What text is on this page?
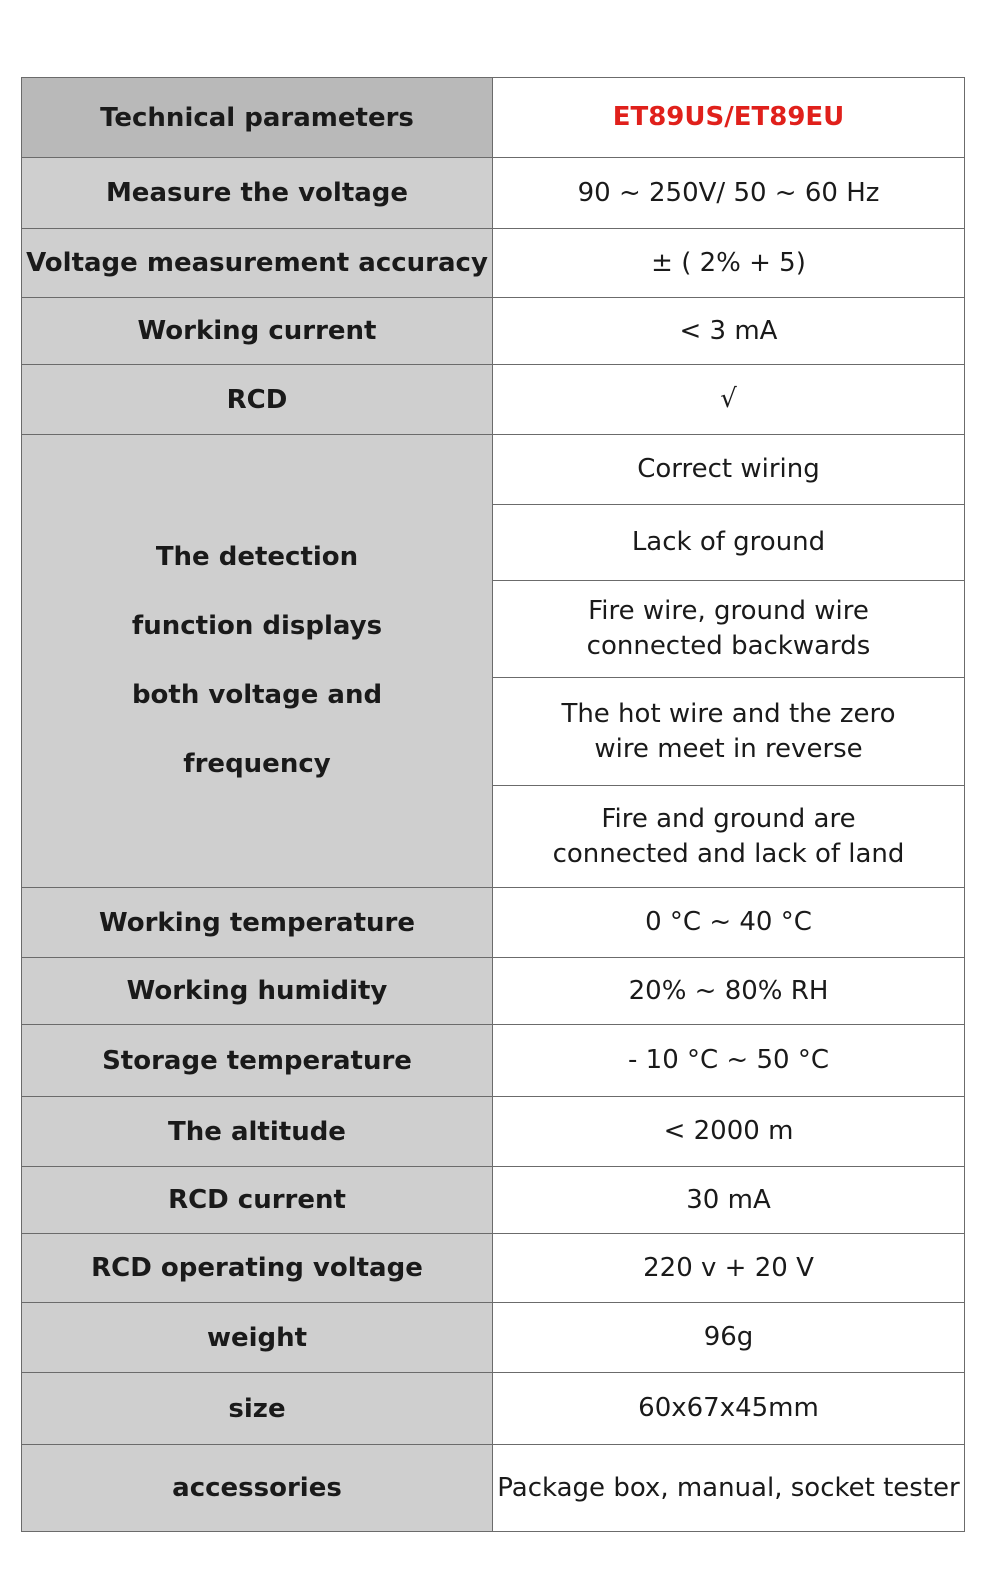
Technical parameters	ET89US/ET89EU
Measure the voltage	90 ~ 250V/ 50 ~ 60 Hz
Voltage measurement accuracy	± ( 2% + 5)
Working current	< 3 mA
RCD	√

The detection
function displays
both voltage and
frequency	Correct wiring

	Lack of ground

	Fire wire, ground wire
connected backwards

	The hot wire and the zero
wire meet in reverse

	Fire and ground are
connected and lack of land

Working temperature	0 °C ~ 40 °C
Working humidity	20% ~ 80% RH
Storage temperature	- 10 °C ~ 50 °C
The altitude	< 2000 m
RCD current	30 mA
RCD operating voltage	220 v + 20 V
weight	96g
size	60x67x45mm
accessories	Package box, manual, socket tester
